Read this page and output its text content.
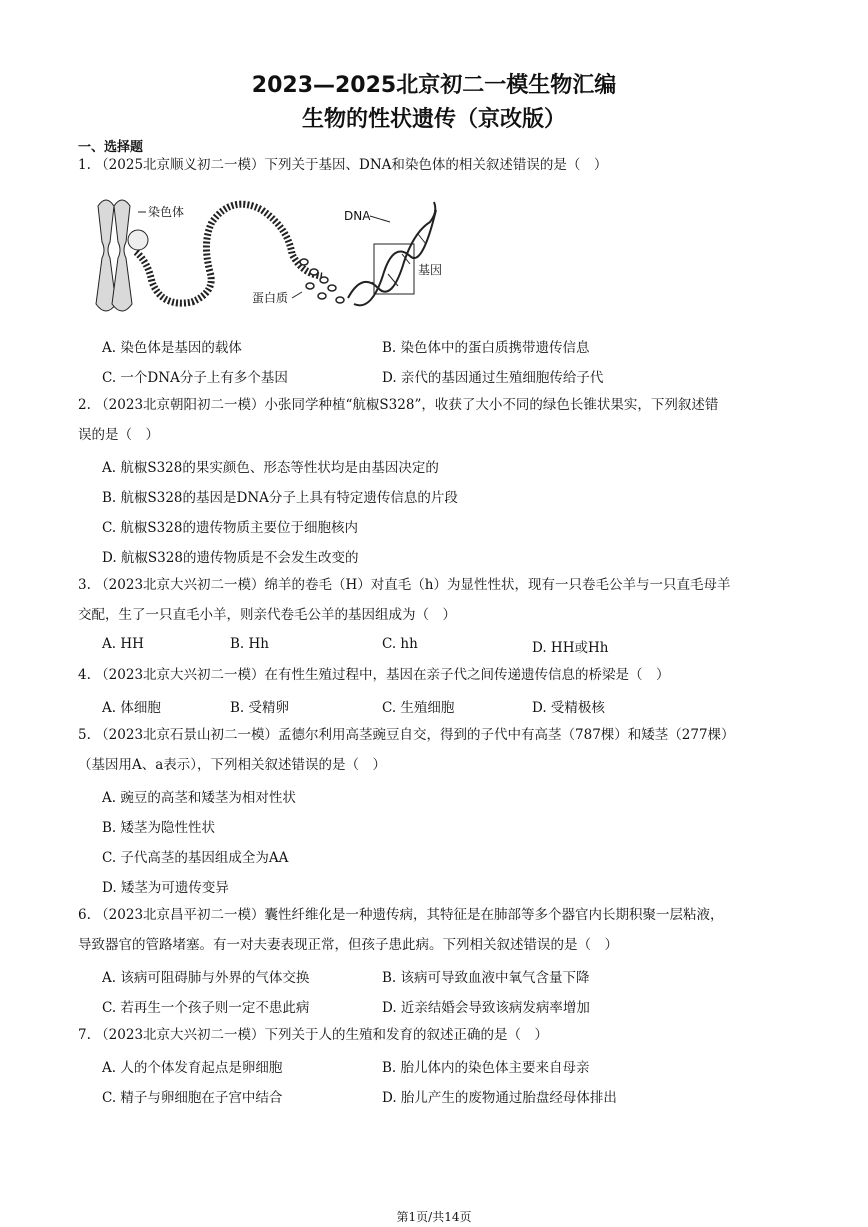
2023—2025北京初二一模生物汇编
生物的性状遗传（京改版）
一、选择题
1. （2025北京顺义初二一模）下列关于基因、DNA和染色体的相关叙述错误的是（　）
染色体	DNA
基因
蛋白质
A. 染色体是基因的载体	B. 染色体中的蛋白质携带遗传信息
C. 一个DNA分子上有多个基因	D. 亲代的基因通过生殖细胞传给子代
2. （2023北京朝阳初二一模）小张同学种植“航椒S328”，收获了大小不同的绿色长锥状果实，下列叙述错
误的是（　）
A. 航椒S328的果实颜色、形态等性状均是由基因决定的
B. 航椒S328的基因是DNA分子上具有特定遗传信息的片段
C. 航椒S328的遗传物质主要位于细胞核内
D. 航椒S328的遗传物质是不会发生改变的
3. （2023北京大兴初二一模）绵羊的卷毛（H）对直毛（h）为显性性状，现有一只卷毛公羊与一只直毛母羊
交配，生了一只直毛小羊，则亲代卷毛公羊的基因组成为（　）
A. HH	B. Hh	C. hh	D. HH或Hh
4. （2023北京大兴初二一模）在有性生殖过程中，基因在亲子代之间传递遗传信息的桥梁是（　）
A. 体细胞	B. 受精卵	C. 生殖细胞	D. 受精极核
5. （2023北京石景山初二一模）孟德尔利用高茎豌豆自交，得到的子代中有高茎（787棵）和矮茎（277棵）
（基因用A、a表示），下列相关叙述错误的是（　）
A. 豌豆的高茎和矮茎为相对性状
B. 矮茎为隐性性状
C. 子代高茎的基因组成全为AA
D. 矮茎为可遗传变异
6. （2023北京昌平初二一模）囊性纤维化是一种遗传病，其特征是在肺部等多个器官内长期积聚一层粘液，
导致器官的管路堵塞。有一对夫妻表现正常，但孩子患此病。下列相关叙述错误的是（　）
A. 该病可阻碍肺与外界的气体交换	B. 该病可导致血液中氧气含量下降
C. 若再生一个孩子则一定不患此病	D. 近亲结婚会导致该病发病率增加
7. （2023北京大兴初二一模）下列关于人的生殖和发育的叙述正确的是（　）
A. 人的个体发育起点是卵细胞	B. 胎儿体内的染色体主要来自母亲
C. 精子与卵细胞在子宫中结合	D. 胎儿产生的废物通过胎盘经母体排出
第1页/共14页
